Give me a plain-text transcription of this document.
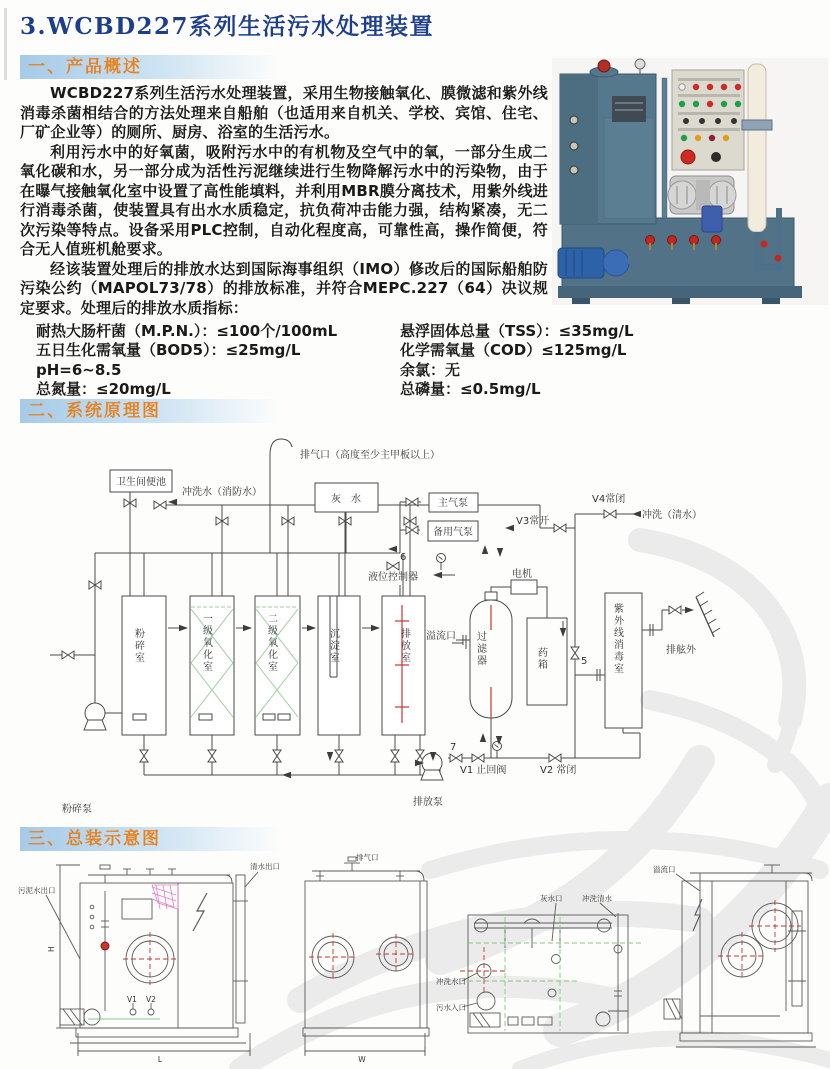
3.WCBD227系列生活污水处理装置
一、产品概述

WCBD227系列生活污水处理装置，采用生物接触氧化、膜微滤和紫外线消毒杀菌相结合的方法处理来自船舶（也适用来自机关、学校、宾馆、住宅、厂矿企业等）的厕所、厨房、浴室的生活污水。

利用污水中的好氧菌，吸附污水中的有机物及空气中的氧，一部分生成二氧化碳和水，另一部分成为活性污泥继续进行生物降解污水中的污染物，由于在曝气接触氧化室中设置了高性能填料，并利用MBR膜分离技术，用紫外线进行消毒杀菌，使装置具有出水水质稳定，抗负荷冲击能力强，结构紧凑，无二次污染等特点。设备采用PLC控制，自动化程度高，可靠性高，操作简便，符合无人值班机舱要求。

经该装置处理后的排放水达到国际海事组织（IMO）修改后的国际船舶防污染公约（MAPOL73/78）的排放标准，并符合MEPC.227（64）决议规定要求。处理后的排放水质指标：

耐热大肠杆菌（M.P.N.）：≤100个/100mL	悬浮固体总量（TSS）：≤35mg/L
五日生化需氧量（BOD5）：≤25mg/L	化学需氧量（COD）≤125mg/L
pH=6~8.5	余氯：无
总氮量：≤20mg/L	总磷量：≤0.5mg/L
二、系统原理图
排气口（高度至少主甲板以上）
卫生间便池
冲洗水（消防水）
灰　水	主气泵
备用气泵
V4常闭
V3常开
冲洗（清水）
6
液位控制器	电机
溢流口
粉碎室	一级氧化室	二级氧化室	沉淀室	排放室	过滤器	药箱	紫外线消毒室	排舷外
粉碎泵
排放泵
V1 止回阀	V2 常闭
5
7
三、总装示意图
H
L	W
污泥水出口
清水出口
V1 V2
排气口
灰水口	冲洗清水
冲洗水口
污水入口
溢流口
